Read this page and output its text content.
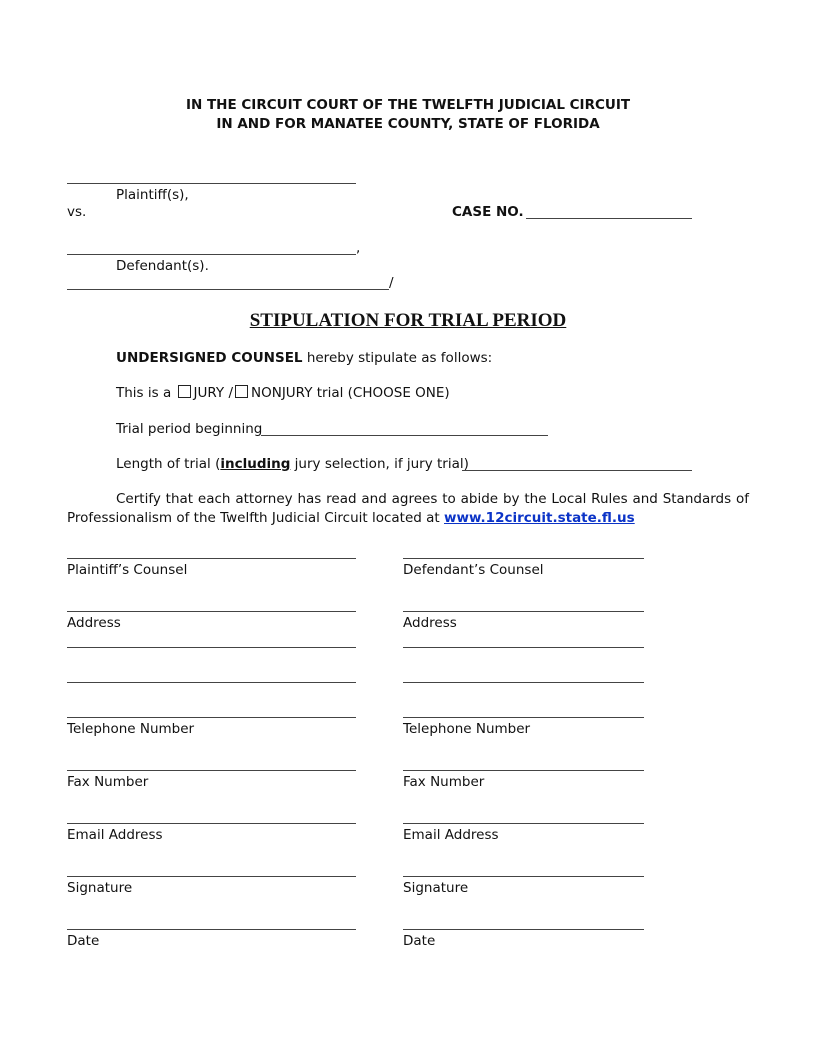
IN THE CIRCUIT COURT OF THE TWELFTH JUDICIAL CIRCUIT
IN AND FOR MANATEE COUNTY, STATE OF FLORIDA
Plaintiff(s),
vs.	CASE NO.
,
Defendant(s).
/
STIPULATION FOR TRIAL PERIOD
UNDERSIGNED COUNSEL hereby stipulate as follows:
This is a JURY / NONJURY trial (CHOOSE ONE)
Trial period beginning
Length of trial (including jury selection, if jury trial)
Certify that each attorney has read and agrees to abide by the Local Rules and Standards of Professionalism of the Twelfth Judicial Circuit located at www.12circuit.state.fl.us
Plaintiff’s Counsel
Address
Telephone Number
Fax Number
Email Address
Signature
Date
Defendant’s Counsel
Address
Telephone Number
Fax Number
Email Address
Signature
Date
